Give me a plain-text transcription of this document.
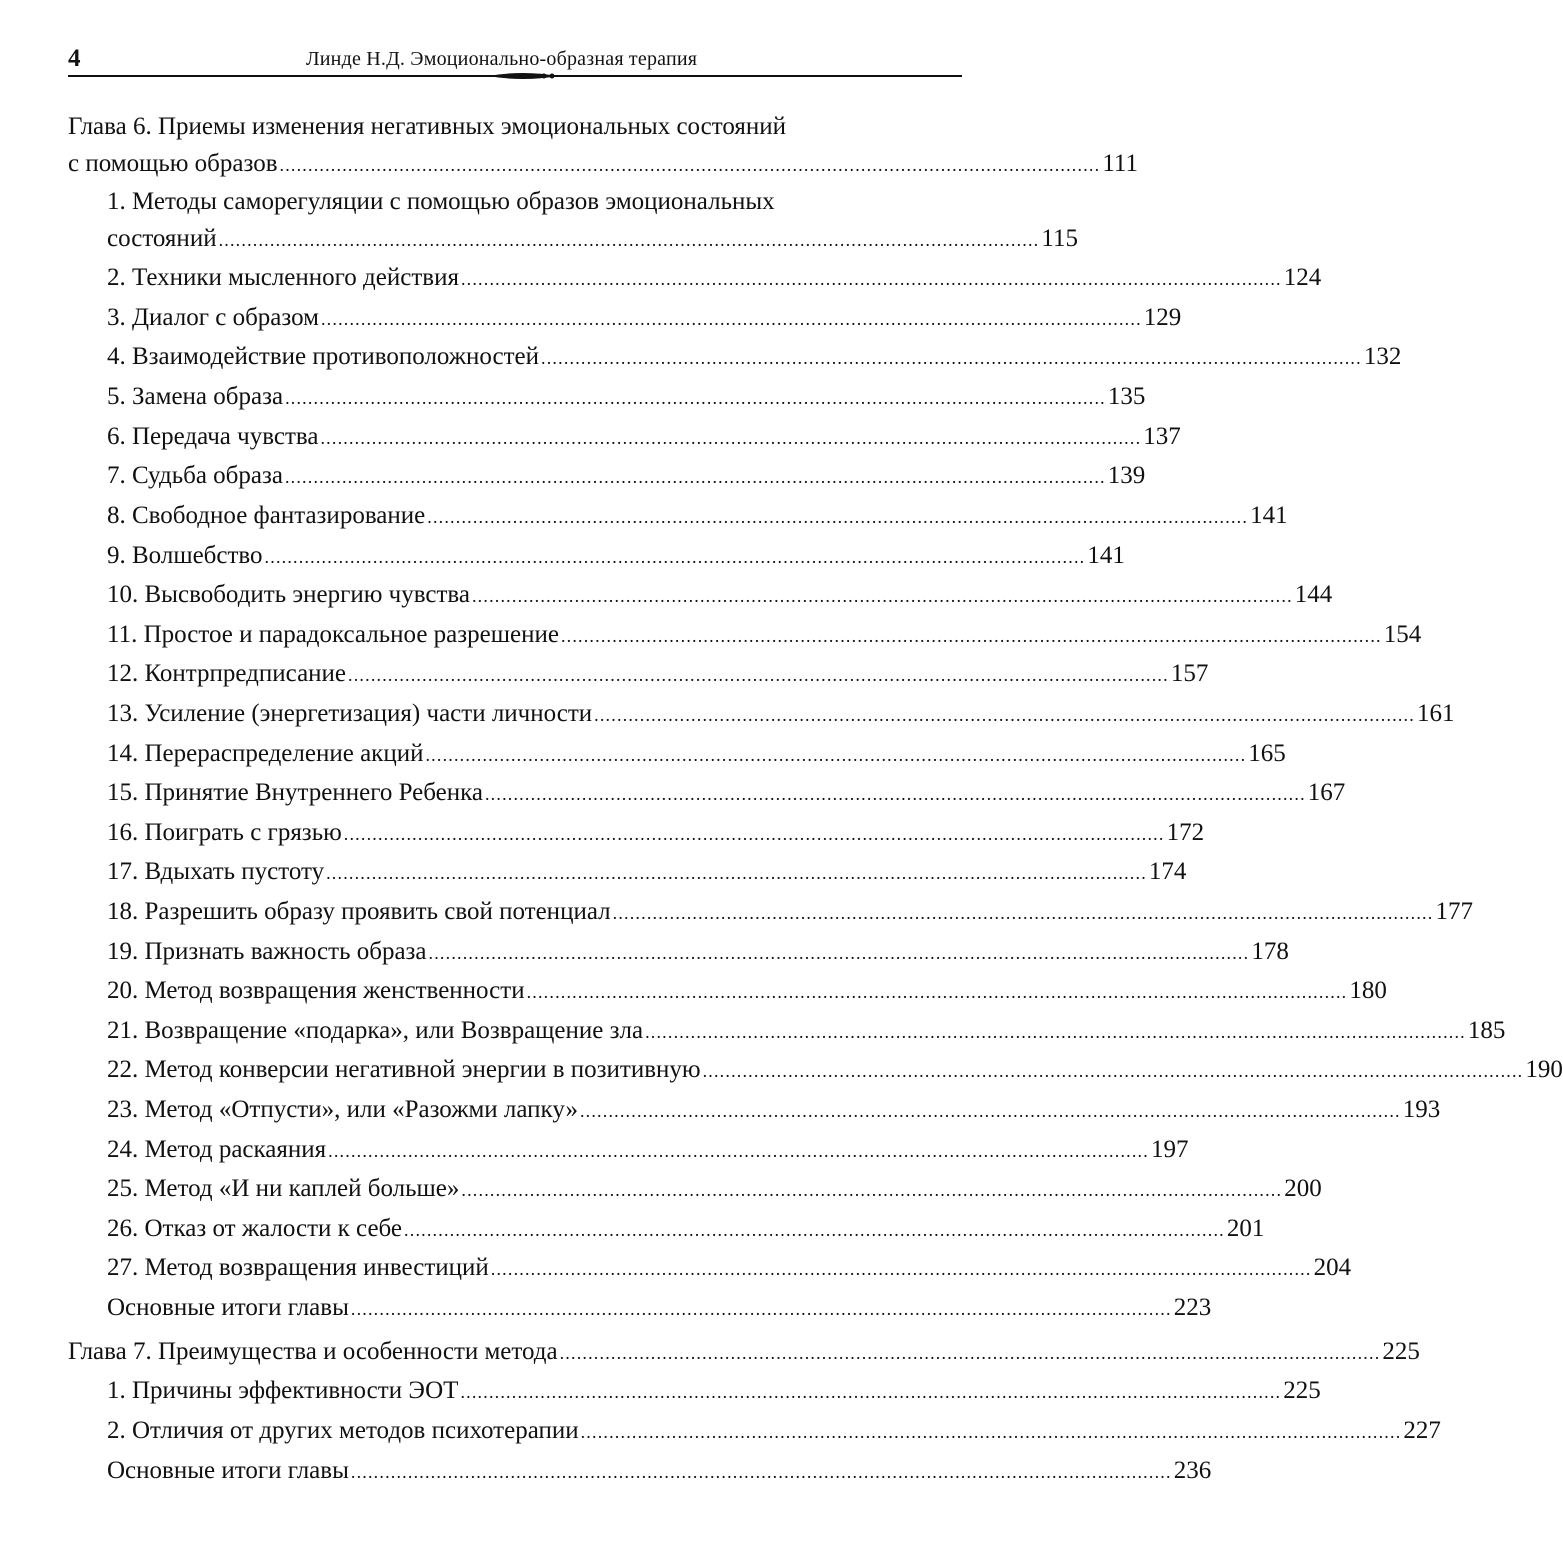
4	Линде Н.Д. Эмоционально-образная терапия
Глава 6. Приемы изменения негативных эмоциональных состояний
с помощью образов ................................................................................................................................................ 111
1. Методы саморегуляции с помощью образов эмоциональных
состояний ................................................................................................................................................ 115
2. Техники мысленного действия ................................................................................................................................................ 124
3. Диалог с образом ................................................................................................................................................ 129
4. Взаимодействие противоположностей ................................................................................................................................................ 132
5. Замена образа ................................................................................................................................................ 135
6. Передача чувства ................................................................................................................................................ 137
7. Судьба образа ................................................................................................................................................ 139
8. Свободное фантазирование ................................................................................................................................................ 141
9. Волшебство ................................................................................................................................................ 141
10. Высвободить энергию чувства ................................................................................................................................................ 144
11. Простое и парадоксальное разрешение ................................................................................................................................................ 154
12. Контрпредписание ................................................................................................................................................ 157
13. Усиление (энергетизация) части личности ................................................................................................................................................ 161
14. Перераспределение акций ................................................................................................................................................ 165
15. Принятие Внутреннего Ребенка ................................................................................................................................................ 167
16. Поиграть с грязью ................................................................................................................................................ 172
17. Вдыхать пустоту ................................................................................................................................................ 174
18. Разрешить образу проявить свой потенциал ................................................................................................................................................ 177
19. Признать важность образа ................................................................................................................................................ 178
20. Метод возвращения женственности ................................................................................................................................................ 180
21. Возвращение «подарка», или Возвращение зла ................................................................................................................................................ 185
22. Метод конверсии негативной энергии в позитивную ................................................................................................................................................ 190
23. Метод «Отпусти», или «Разожми лапку» ................................................................................................................................................ 193
24. Метод раскаяния ................................................................................................................................................ 197
25. Метод «И ни каплей больше» ................................................................................................................................................ 200
26. Отказ от жалости к себе ................................................................................................................................................ 201
27. Метод возвращения инвестиций ................................................................................................................................................ 204
Основные итоги главы ................................................................................................................................................ 223
Глава 7. Преимущества и особенности метода ................................................................................................................................................ 225
1. Причины эффективности ЭОТ ................................................................................................................................................ 225
2. Отличия от других методов психотерапии ................................................................................................................................................ 227
Основные итоги главы ................................................................................................................................................ 236
